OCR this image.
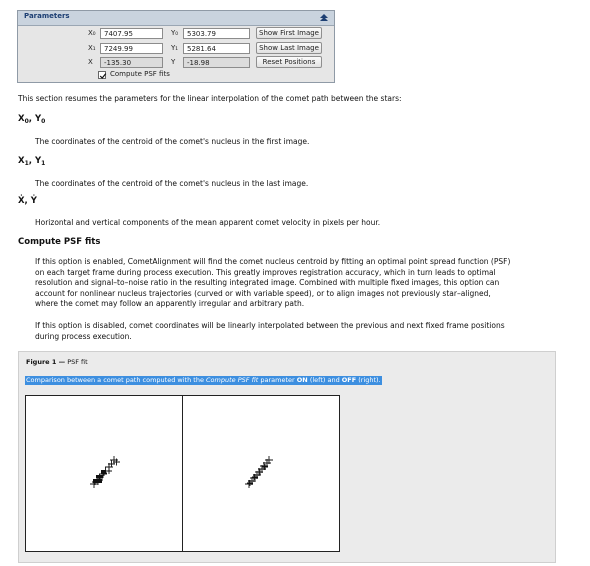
Parameters
X₀	7407.95	Y₀	5303.79	Show First Image
X₁	7249.99	Y₁	5281.64	Show Last Image
X	-135.30	Y	-18.98	Reset Positions
Compute PSF fits
This section resumes the parameters for the linear interpolation of the comet path between the stars:
$X_0$, $Y_0$
The coordinates of the centroid of the comet's nucleus in the first image.
$X_1$, $Y_1$
The coordinates of the centroid of the comet's nucleus in the last image.
Ẋ, Ẏ
Horizontal and vertical components of the mean apparent comet velocity in pixels per hour.
Compute PSF fits
If this option is enabled, CometAlignment will find the comet nucleus centroid by fitting an optimal point spread function (PSF)
on each target frame during process execution. This greatly improves registration accuracy, which in turn leads to optimal
resolution and signal–to–noise ratio in the resulting integrated image. Combined with multiple fixed images, this option can
account for nonlinear nucleus trajectories (curved or with variable speed), or to align images not previously star–aligned,
where the comet may follow an apparently irregular and arbitrary path.
If this option is disabled, comet coordinates will be linearly interpolated between the previous and next fixed frame positions
during process execution.
Figure 1 — PSF fit
Comparison between a comet path computed with the Compute PSF fit parameter ON (left) and OFF (right).
